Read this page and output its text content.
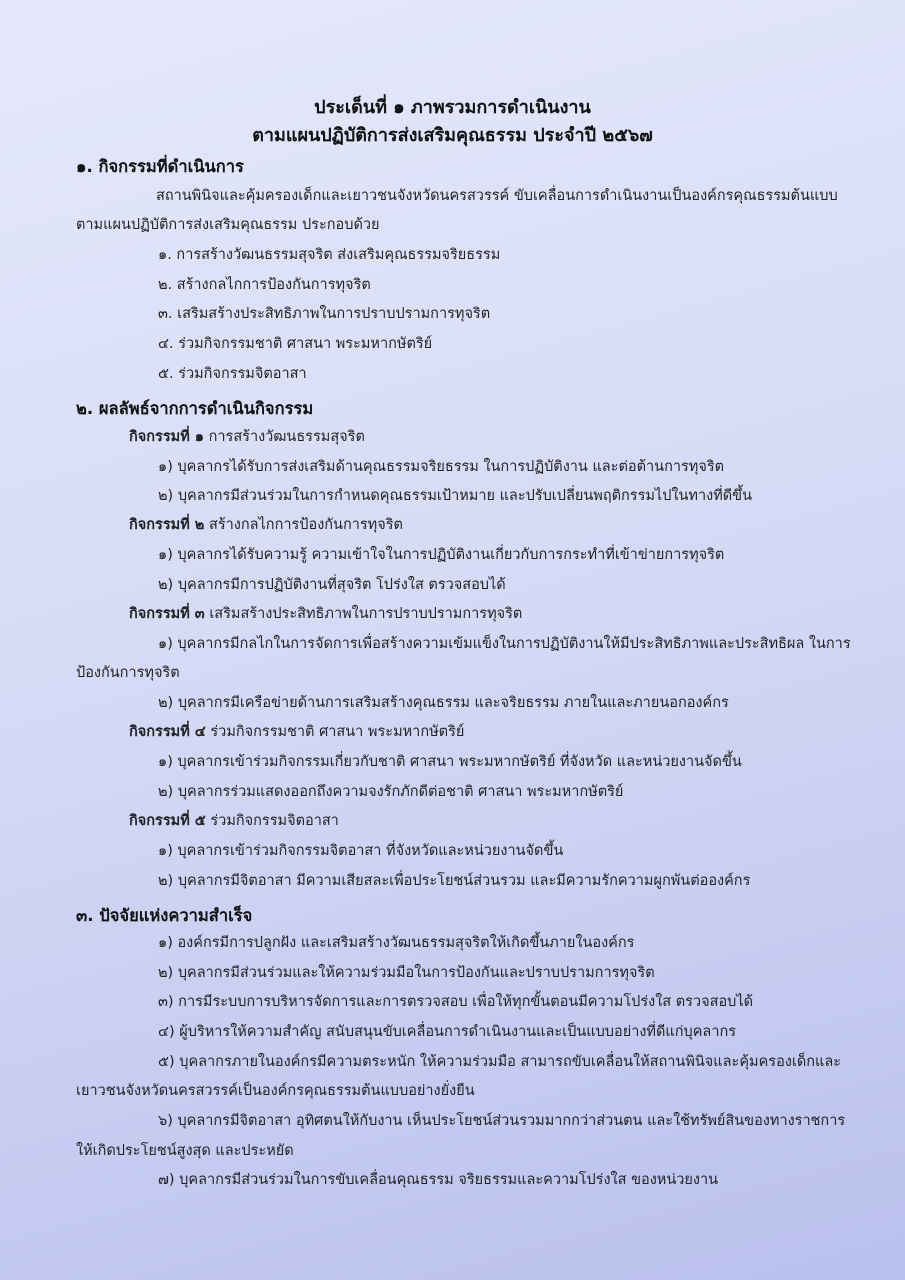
ประเด็นที่ ๑ ภาพรวมการดำเนินงาน
ตามแผนปฏิบัติการส่งเสริมคุณธรรม ประจำปี ๒๕๖๗
๑. กิจกรรมที่ดำเนินการ
สถานพินิจและคุ้มครองเด็กและเยาวชนจังหวัดนครสวรรค์ ขับเคลื่อนการดำเนินงานเป็นองค์กรคุณธรรมต้นแบบ
ตามแผนปฏิบัติการส่งเสริมคุณธรรม ประกอบด้วย
๑. การสร้างวัฒนธรรมสุจริต ส่งเสริมคุณธรรมจริยธรรม
๒. สร้างกลไกการป้องกันการทุจริต
๓. เสริมสร้างประสิทธิภาพในการปราบปรามการทุจริต
๔. ร่วมกิจกรรมชาติ ศาสนา พระมหากษัตริย์
๕. ร่วมกิจกรรมจิตอาสา
๒. ผลลัพธ์จากการดำเนินกิจกรรม
กิจกรรมที่ ๑ การสร้างวัฒนธรรมสุจริต
๑) บุคลากรได้รับการส่งเสริมด้านคุณธรรมจริยธรรม ในการปฏิบัติงาน และต่อต้านการทุจริต
๒) บุคลากรมีส่วนร่วมในการกำหนดคุณธรรมเป้าหมาย และปรับเปลี่ยนพฤติกรรมไปในทางที่ดีขึ้น
กิจกรรมที่ ๒ สร้างกลไกการป้องกันการทุจริต
๑) บุคลากรได้รับความรู้ ความเข้าใจในการปฏิบัติงานเกี่ยวกับการกระทำที่เข้าข่ายการทุจริต
๒) บุคลากรมีการปฏิบัติงานที่สุจริต โปร่งใส ตรวจสอบได้
กิจกรรมที่ ๓ เสริมสร้างประสิทธิภาพในการปราบปรามการทุจริต
๑) บุคลากรมีกลไกในการจัดการเพื่อสร้างความเข้มแข็งในการปฏิบัติงานให้มีประสิทธิภาพและประสิทธิผล ในการ
ป้องกันการทุจริต
๒) บุคลากรมีเครือข่ายด้านการเสริมสร้างคุณธรรม และจริยธรรม ภายในและภายนอกองค์กร
กิจกรรมที่ ๔ ร่วมกิจกรรมชาติ ศาสนา พระมหากษัตริย์
๑) บุคลากรเข้าร่วมกิจกรรมเกี่ยวกับชาติ ศาสนา พระมหากษัตริย์ ที่จังหวัด และหน่วยงานจัดขึ้น
๒) บุคลากรร่วมแสดงออกถึงความจงรักภักดีต่อชาติ ศาสนา พระมหากษัตริย์
กิจกรรมที่ ๕ ร่วมกิจกรรมจิตอาสา
๑) บุคลากรเข้าร่วมกิจกรรมจิตอาสา ที่จังหวัดและหน่วยงานจัดขึ้น
๒) บุคลากรมีจิตอาสา มีความเสียสละเพื่อประโยชน์ส่วนรวม และมีความรักความผูกพันต่อองค์กร
๓. ปัจจัยแห่งความสำเร็จ
๑) องค์กรมีการปลูกฝัง และเสริมสร้างวัฒนธรรมสุจริตให้เกิดขึ้นภายในองค์กร
๒) บุคลากรมีส่วนร่วมและให้ความร่วมมือในการป้องกันและปราบปรามการทุจริต
๓) การมีระบบการบริหารจัดการและการตรวจสอบ เพื่อให้ทุกขั้นตอนมีความโปร่งใส ตรวจสอบได้
๔) ผู้บริหารให้ความสำคัญ สนับสนุนขับเคลื่อนการดำเนินงานและเป็นแบบอย่างที่ดีแก่บุคลากร
๕) บุคลากรภายในองค์กรมีความตระหนัก ให้ความร่วมมือ สามารถขับเคลื่อนให้สถานพินิจและคุ้มครองเด็กและ
เยาวชนจังหวัดนครสวรรค์เป็นองค์กรคุณธรรมต้นแบบอย่างยั่งยืน
๖) บุคลากรมีจิตอาสา อุทิศตนให้กับงาน เห็นประโยชน์ส่วนรวมมากกว่าส่วนตน และใช้ทรัพย์สินของทางราชการ
ให้เกิดประโยชน์สูงสุด และประหยัด
๗) บุคลากรมีส่วนร่วมในการขับเคลื่อนคุณธรรม จริยธรรมและความโปร่งใส ของหน่วยงาน
